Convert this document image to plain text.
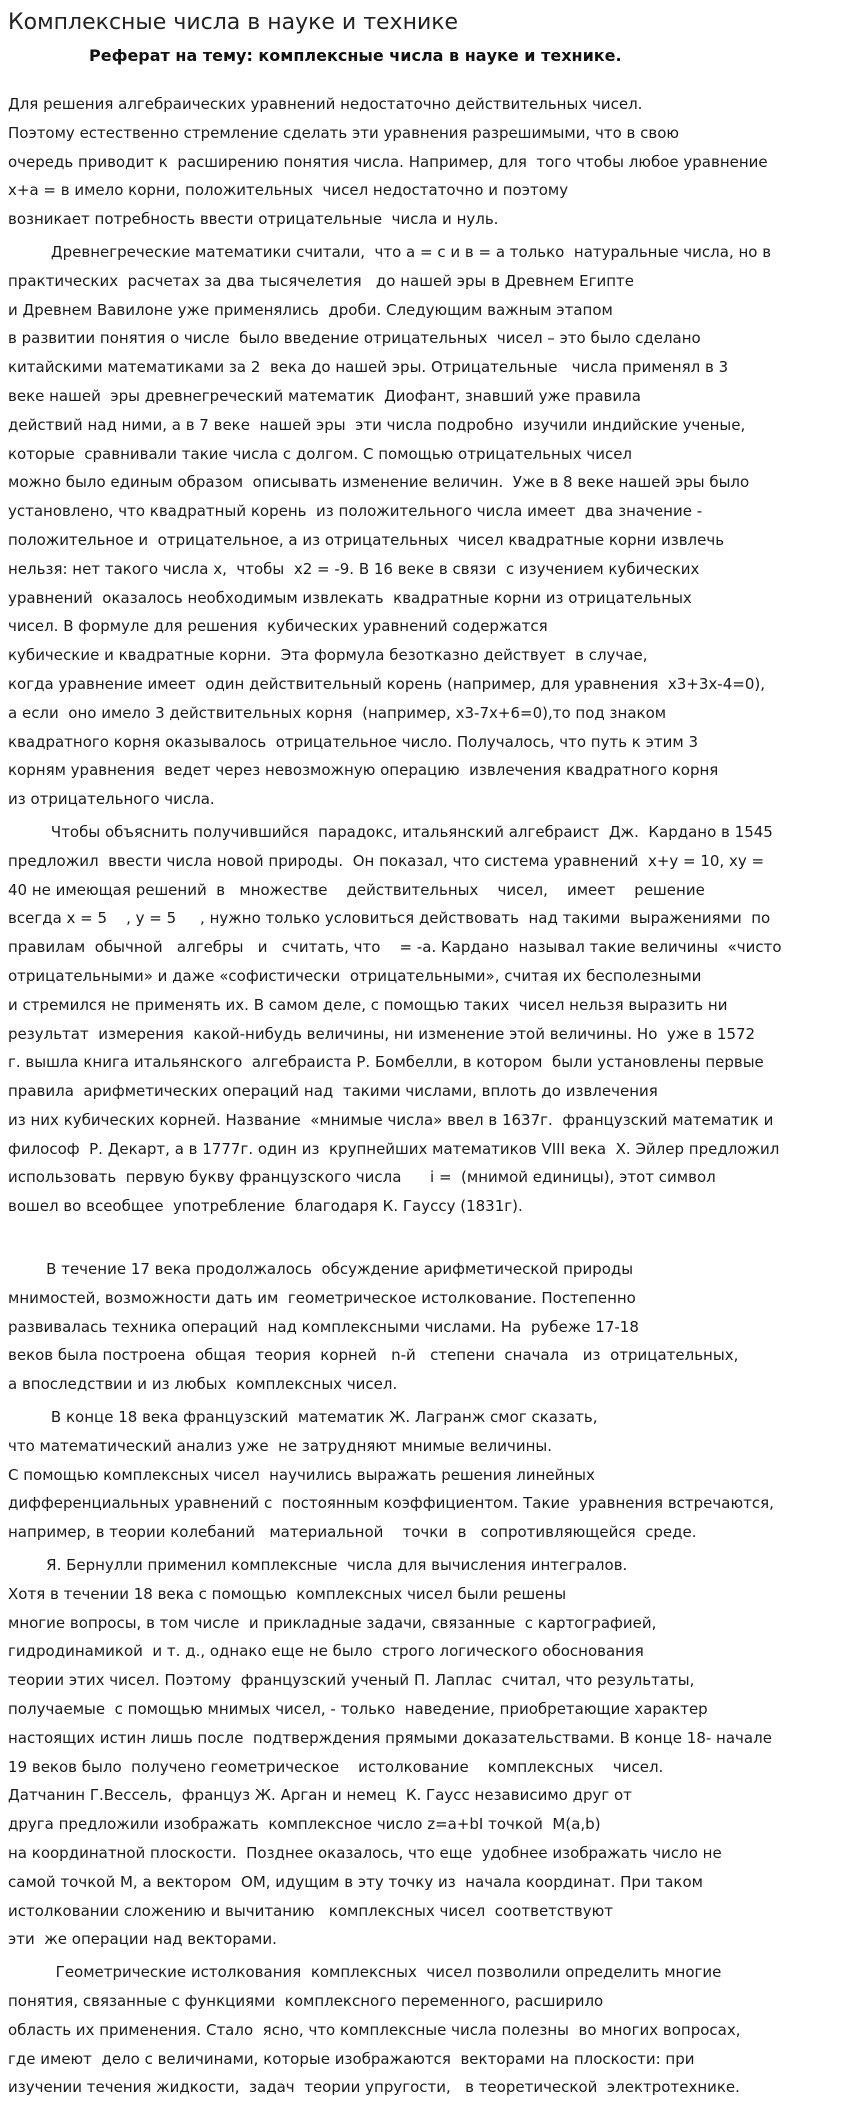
Комплексные числа в науке и технике
Реферат на тему: комплексные числа в науке и технике.
Для решения алгебраических уравнений недостаточно действительных чисел.
Поэтому естественно стремление сделать эти уравнения разрешимыми, что в свою
очередь приводит к  расширению понятия числа. Например, для  того чтобы любое уравнение
x+a = в имело корни, положительных  чисел недостаточно и поэтому
возникает потребность ввести отрицательные  числа и нуль.
Древнегреческие математики считали,  что а = с и в = а только  натуральные числа, но в
практических  расчетах за два тысячелетия   до нашей эры в Древнем Египте
и Древнем Вавилоне уже применялись  дроби. Следующим важным этапом
в развитии понятия о числе  было введение отрицательных  чисел – это было сделано
китайскими математиками за 2  века до нашей эры. Отрицательные   числа применял в 3
веке нашей  эры древнегреческий математик  Диофант, знавший уже правила
действий над ними, а в 7 веке  нашей эры  эти числа подробно  изучили индийские ученые,
которые  сравнивали такие числа с долгом. С помощью отрицательных чисел
можно было единым образом  описывать изменение величин.  Уже в 8 веке нашей эры было
установлено, что квадратный корень  из положительного числа имеет  два значение -
положительное и  отрицательное, а из отрицательных  чисел квадратные корни извлечь
нельзя: нет такого числа х,  чтобы  х2 = -9. В 16 веке в связи  с изучением кубических
уравнений  оказалось необходимым извлекать  квадратные корни из отрицательных
чисел. В формуле для решения  кубических уравнений содержатся
кубические и квадратные корни.  Эта формула безотказно действует  в случае,
когда уравнение имеет  один действительный корень (например, для уравнения  x3+3x-4=0),
а если  оно имело 3 действительных корня  (например, x3-7x+6=0),то под знаком
квадратного корня оказывалось  отрицательное число. Получалось, что путь к этим 3
корням уравнения  ведет через невозможную операцию  извлечения квадратного корня
из отрицательного числа.
Чтобы объяснить получившийся  парадокс, итальянский алгебраист  Дж.  Кардано в 1545
предложил  ввести числа новой природы.  Он показал, что система уравнений  x+y = 10, xy =
40 не имеющая решений  в   множестве    действительных    чисел,    имеет    решение
всегда х = 5    , у = 5     , нужно только условиться действовать  над такими  выражениями  по
правилам  обычной   алгебры   и   считать, что    = -а. Кардано  называл такие величины  «чисто
отрицательными» и даже «софистически  отрицательными», считая их бесполезными
и стремился не применять их. В самом деле, с помощью таких  чисел нельзя выразить ни
результат  измерения  какой-нибудь величины, ни изменение этой величины. Но  уже в 1572
г. вышла книга итальянского  алгебраиста Р. Бомбелли, в котором  были установлены первые
правила  арифметических операций над  такими числами, вплоть до извлечения
из них кубических корней. Название  «мнимые числа» ввел в 1637г.  французский математик и
философ  Р. Декарт, а в 1777г. один из  крупнейших математиков VIII века  Х. Эйлер предложил
использовать  первую букву французского числа      i =  (мнимой единицы), этот символ
вошел во всеобщее  употребление  благодаря К. Гауссу (1831г).
В течение 17 века продолжалось  обсуждение арифметической природы
мнимостей, возможности дать им  геометрическое истолкование. Постепенно
развивалась техника операций  над комплексными числами. На  рубеже 17-18
веков была построена  общая  теория  корней   n-й   степени  сначала   из  отрицательных,
а впоследствии и из любых  комплексных чисел.
В конце 18 века французский  математик Ж. Лагранж смог сказать,
что математический анализ уже  не затрудняют мнимые величины.
С помощью комплексных чисел  научились выражать решения линейных
дифференциальных уравнений с  постоянным коэффициентом. Такие  уравнения встречаются,
например, в теории колебаний   материальной    точки  в   сопротивляющейся  среде.
Я. Бернулли применил комплексные  числа для вычисления интегралов.
Хотя в течении 18 века с помощью  комплексных чисел были решены
многие вопросы, в том числе  и прикладные задачи, связанные  с картографией,
гидродинамикой  и т. д., однако еще не было  строго логического обоснования
теории этих чисел. Поэтому  французский ученый П. Лаплас  считал, что результаты,
получаемые  с помощью мнимых чисел, - только  наведение, приобретающие характер
настоящих истин лишь после  подтверждения прямыми доказательствами. В конце 18- начале
19 веков было  получено геометрическое    истолкование    комплексных    чисел.
Датчанин Г.Вессель,  француз Ж. Арган и немец  К. Гаусс независимо друг от
друга предложили изображать  комплексное число z=a+bI точкой  M(a,b)
на координатной плоскости.  Позднее оказалось, что еще  удобнее изображать число не
самой точкой М, а вектором  ОМ, идущим в эту точку из  начала координат. При таком
истолковании сложению и вычитанию   комплексных чисел  соответствуют
эти  же операции над векторами.
Геометрические истолкования  комплексных  чисел позволили определить многие
понятия, связанные с функциями  комплексного переменного, расширило
область их применения. Стало  ясно, что комплексные числа полезны  во многих вопросах,
где имеют  дело с величинами, которые изображаются  векторами на плоскости: при
изучении течения жидкости,  задач  теории упругости,   в теоретической  электротехнике.
